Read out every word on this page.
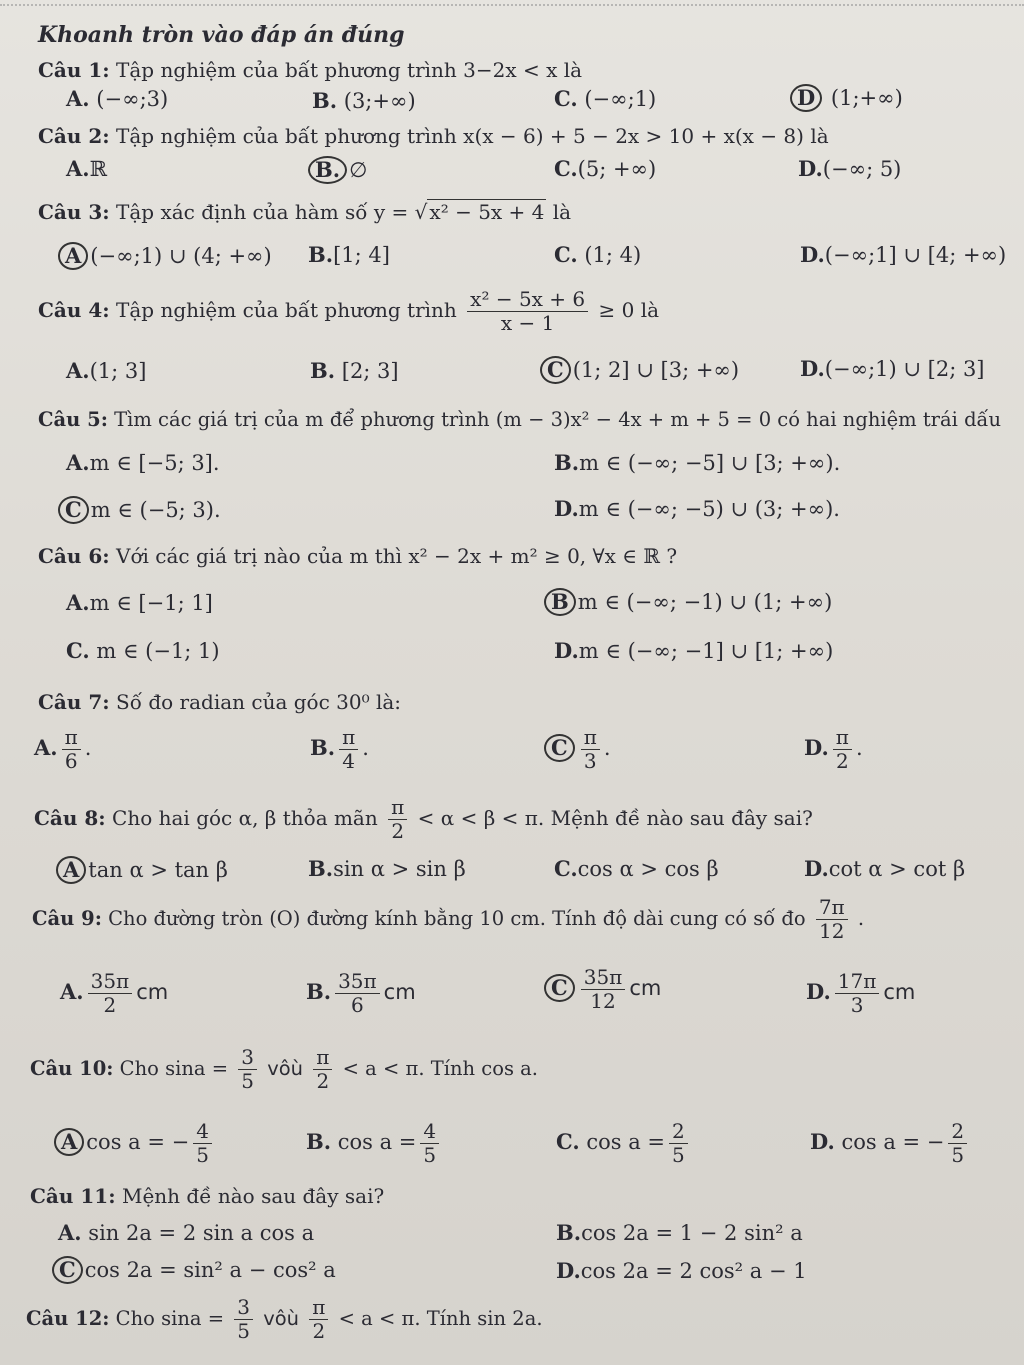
Khoanh tròn vào đáp án đúng
Câu 1: Tập nghiệm của bất phương trình 3−2x < x là
A. (−∞;3)	B. (3;+∞)	C. (−∞;1)	D (1;+∞)
Câu 2: Tập nghiệm của bất phương trình x(x − 6) + 5 − 2x > 10 + x(x − 8) là
A.ℝ	B. ∅	C.(5; +∞)	D.(−∞; 5)
Câu 3: Tập xác định của hàm số y = √ x² − 5x + 4 là
A (−∞;1) ∪ (4; +∞) B.[1; 4]	C. (1; 4)	D.(−∞;1] ∪ [4; +∞)
Câu 4: Tập nghiệm của bất phương trình $\frac{\text{x² − 5x + 6}}{x - 1} \ge 0$ là
A.(1; 3]	B. [2; 3]	C (1; 2] ∪ [3; +∞)	D.(−∞;1) ∪ [2; 3]
Câu 5: Tìm các giá trị của m để phương trình (m − 3)x² − 4x + m + 5 = 0 có hai nghiệm trái dấu
A.m ∈ [−5; 3].	B.m ∈ (−∞; −5] ∪ [3; +∞).
C m ∈ (−5; 3).	D.m ∈ (−∞; −5) ∪ (3; +∞).
Câu 6: Với các giá trị nào của m thì x² − 2x + m² ≥ 0, ∀x ∈ ℝ ?
A.m ∈ [−1; 1]	B m ∈ (−∞; −1) ∪ (1; +∞)
C. m ∈ (−1; 1)	D.m ∈ (−∞; −1] ∪ [1; +∞)
Câu 7: Số đo radian của góc 30⁰ là:
A. $\frac{\pi}{6}$ .	B. $\frac{\pi}{4}$ .	C $\frac{\pi}{3}$ .	D. $\frac{\pi}{2}$ .
Câu 8: Cho hai góc α, β thỏa mãn $\frac{\pi}{2} < \alpha < \beta < \pi$. Mệnh đề nào sau đây sai?
A tan α > tan β	B.sin α > sin β	C.cos α > cos β	D.cot α > cot β
Câu 9: Cho đường tròn (O) đường kính bằng 10 cm. Tính độ dài cung có số đo $\frac{7\pi}{12}$ .
A. $\frac{35\pi}{2}$ cm	B. $\frac{35\pi}{6}$ cm	C $\frac{35\pi}{12}$ cm	D. $\frac{17\pi}{3}$ cm
Câu 10: Cho $\sin a = \frac{3}{5}$ vôù $\frac{\pi}{2} < a < \pi$. Tính cos a.
A cos a = − $\frac{4}{5}$	B. $\cos a = \frac{4}{5}$	C. $\cos a = \frac{2}{5}$	D. cos a = − $\frac{2}{5}$
Câu 11: Mệnh đề nào sau đây sai?
A. sin 2a = 2 sin a cos a	B.cos 2a = 1 − 2 sin² a
C cos 2a = sin² a − cos² a	D.cos 2a = 2 cos² a − 1
Câu 12: Cho $\sin a = \frac{3}{5}$ vôù $\frac{\pi}{2} < a < \pi$. Tính sin 2a.
